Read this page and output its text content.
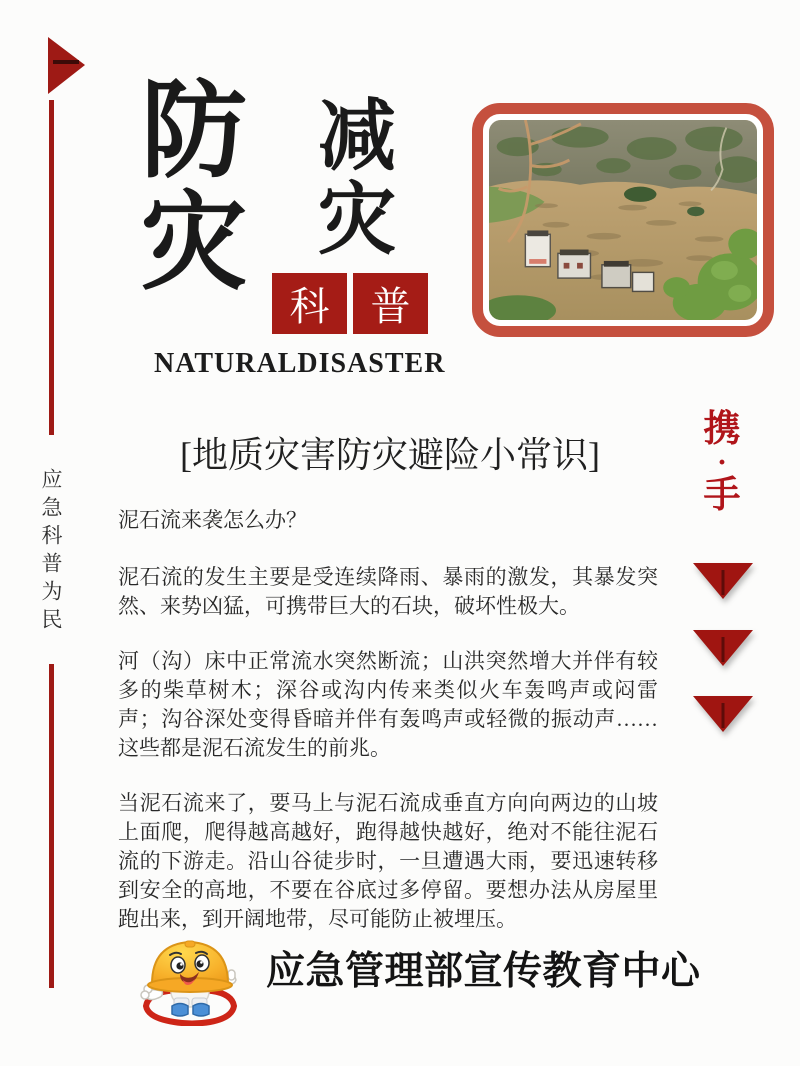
应急科普为民
防灾 减灾
科	普
NATURALDISASTER
携
·
手
[地质灾害防灾避险小常识]
泥石流来袭怎么办？

泥石流的发生主要是受连续降雨、暴雨的激发，其暴发突然、来势凶猛，可携带巨大的石块，破坏性极大。

河（沟）床中正常流水突然断流；山洪突然增大并伴有较多的柴草树木；深谷或沟内传来类似火车轰鸣声或闷雷声；沟谷深处变得昏暗并伴有轰鸣声或轻微的振动声……这些都是泥石流发生的前兆。

当泥石流来了，要马上与泥石流成垂直方向向两边的山坡上面爬，爬得越高越好，跑得越快越好，绝对不能往泥石流的下游走。沿山谷徒步时，一旦遭遇大雨，要迅速转移到安全的高地，不要在谷底过多停留。要想办法从房屋里跑出来，到开阔地带，尽可能防止被埋压。

应急管理部宣传教育中心
